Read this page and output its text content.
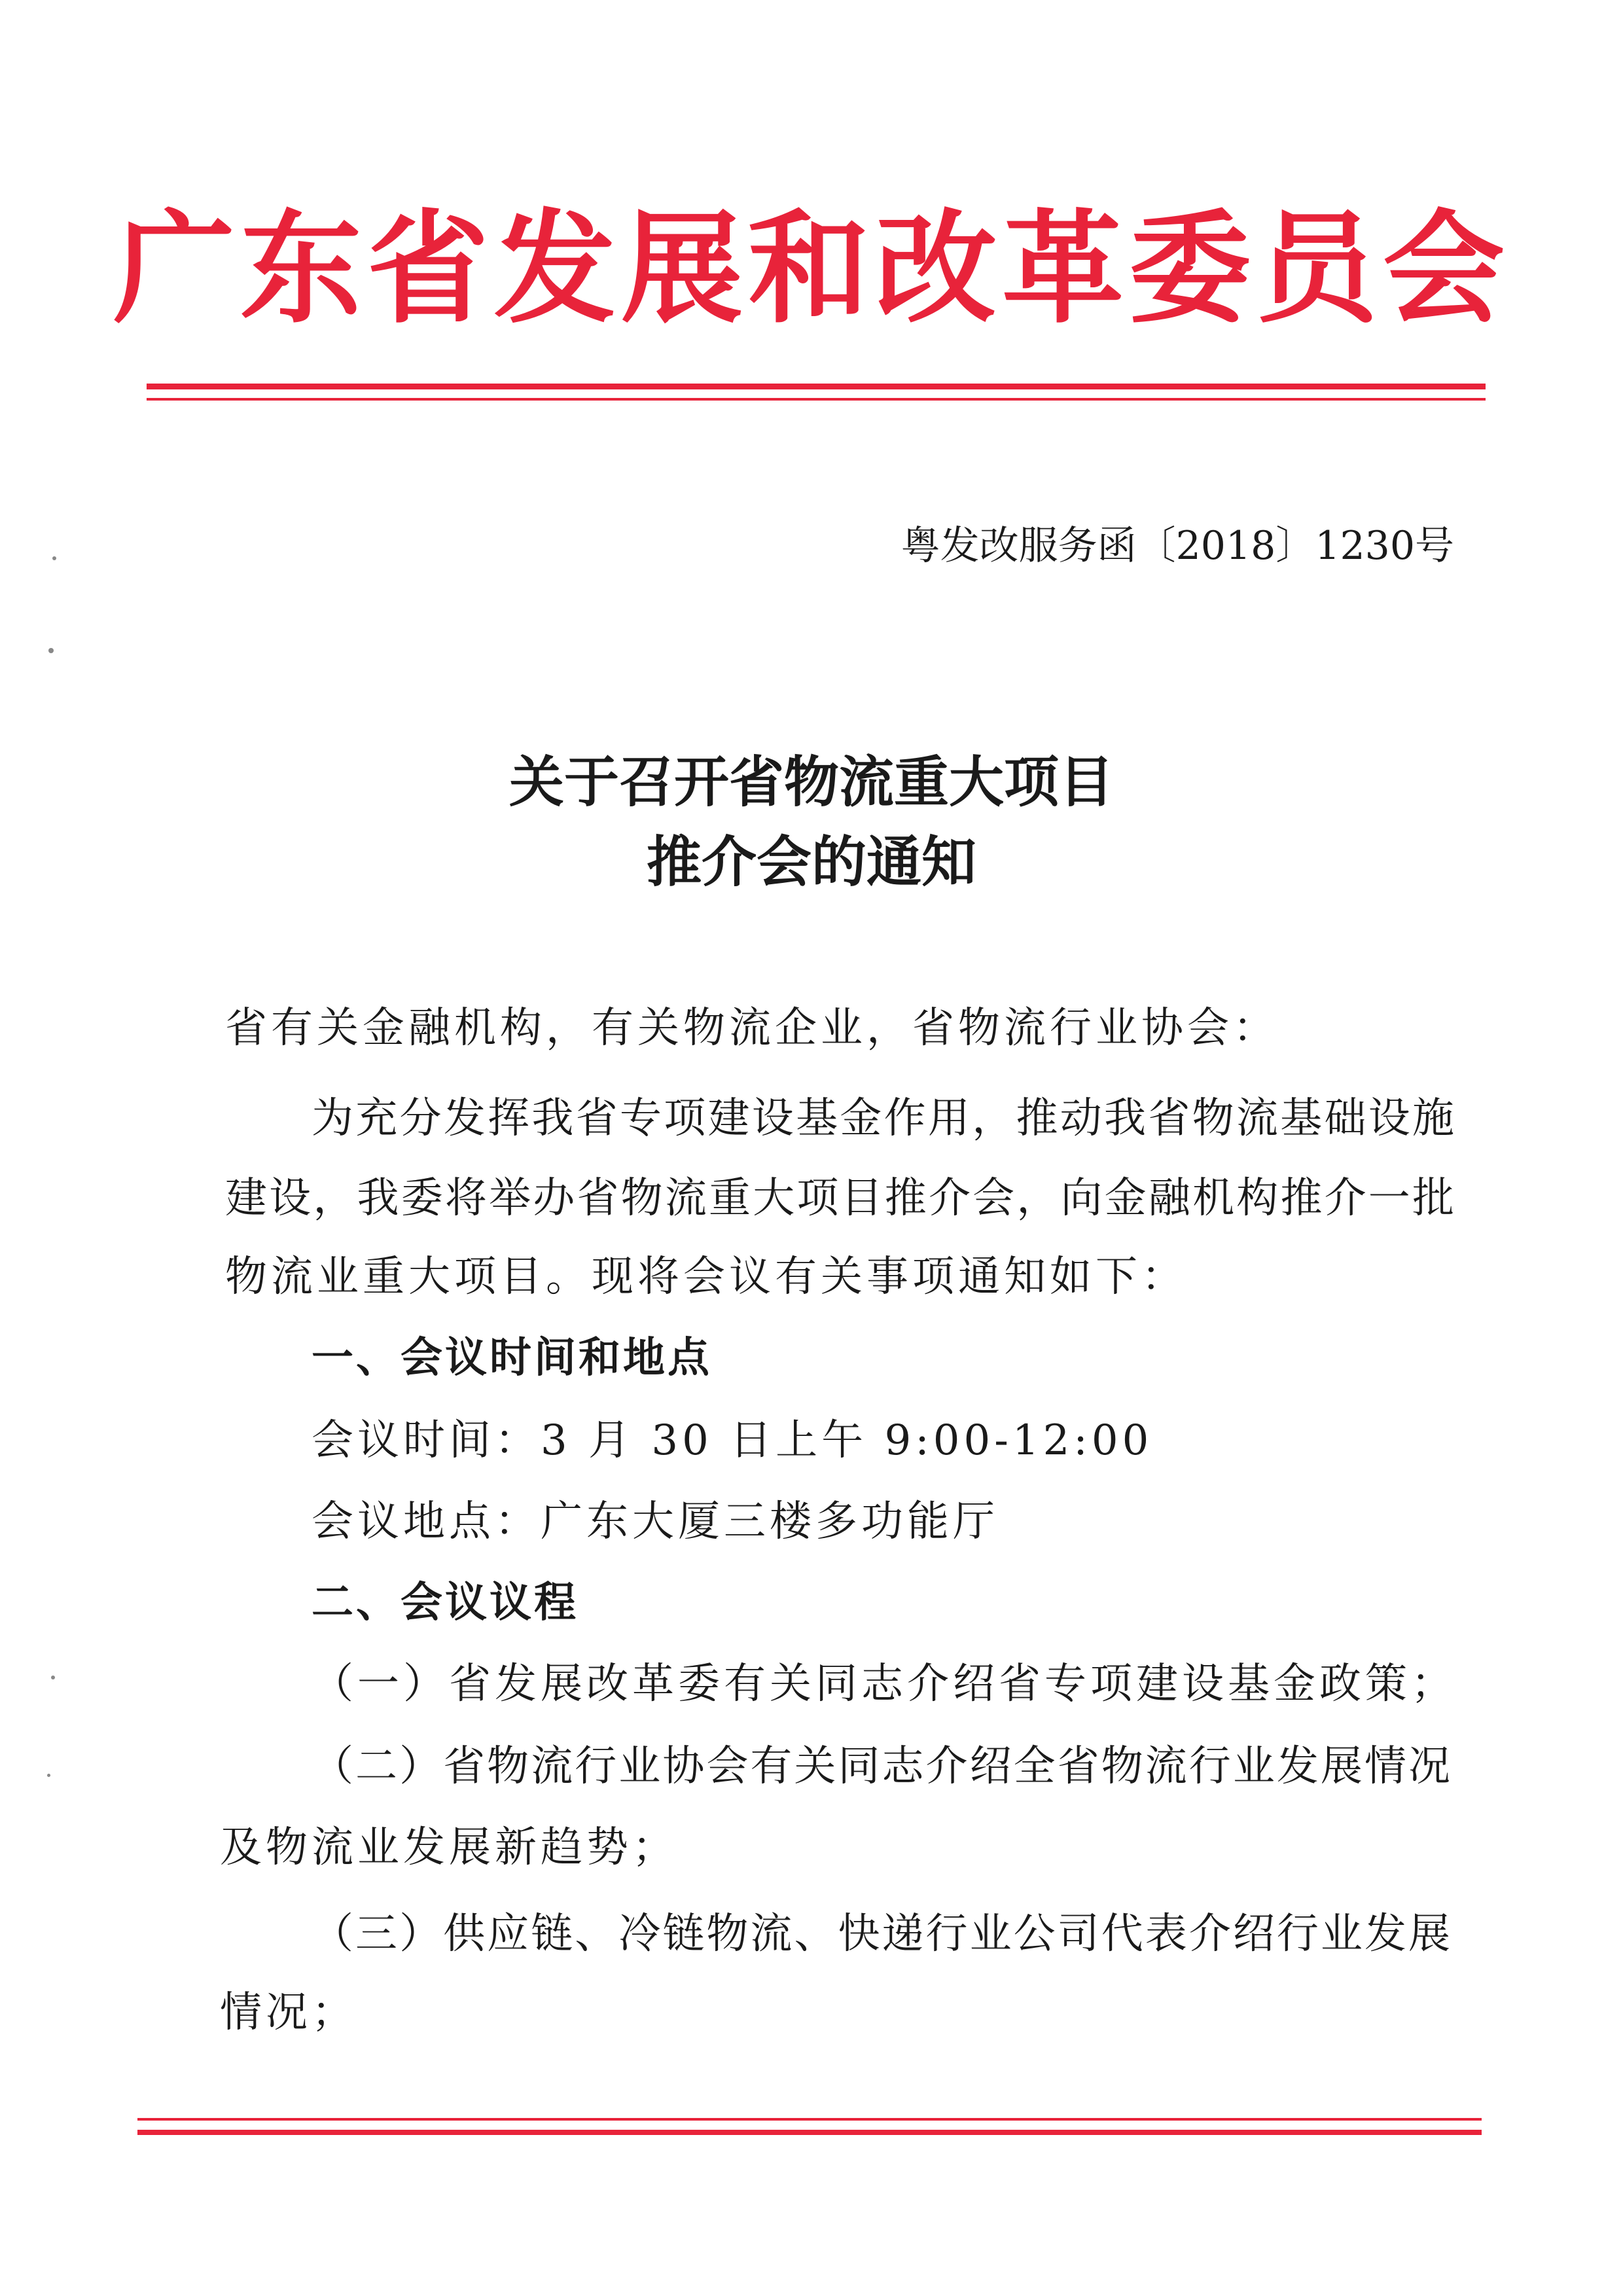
广东省发展和改革委员会
粤发改服务函〔2018〕1230号
关于召开省物流重大项目
推介会的通知
省有关金融机构，有关物流企业，省物流行业协会：
为充分发挥我省专项建设基金作用，推动我省物流基础设施
建设，我委将举办省物流重大项目推介会，向金融机构推介一批
物流业重大项目。现将会议有关事项通知如下：
一、会议时间和地点
会议时间：3 月 30 日上午 9:00-12:00
会议地点：广东大厦三楼多功能厅
二、会议议程
（一）省发展改革委有关同志介绍省专项建设基金政策；
（二）省物流行业协会有关同志介绍全省物流行业发展情况
及物流业发展新趋势；
（三）供应链、冷链物流、快递行业公司代表介绍行业发展
情况；
